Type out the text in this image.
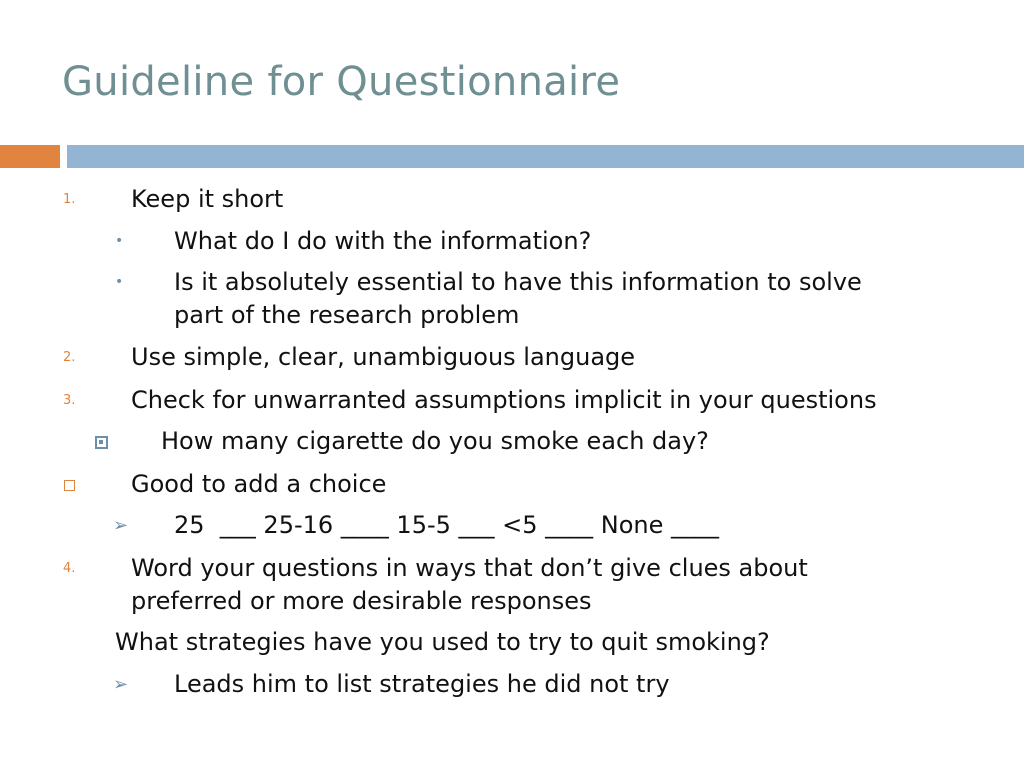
Guideline for Questionnaire
1. Keep it short
• What do I do with the information?
• Is it absolutely essential to have this information to solve
part of the research problem
2. Use simple, clear, unambiguous language
3. Check for unwarranted assumptions implicit in your questions
How many cigarette do you smoke each day?
Good to add a choice
➢ 25  ___ 25-16 ____ 15-5 ___ <5 ____ None ____
4. Word your questions in ways that don’t give clues about
preferred or more desirable responses
What strategies have you used to try to quit smoking?
➢ Leads him to list strategies he did not try
